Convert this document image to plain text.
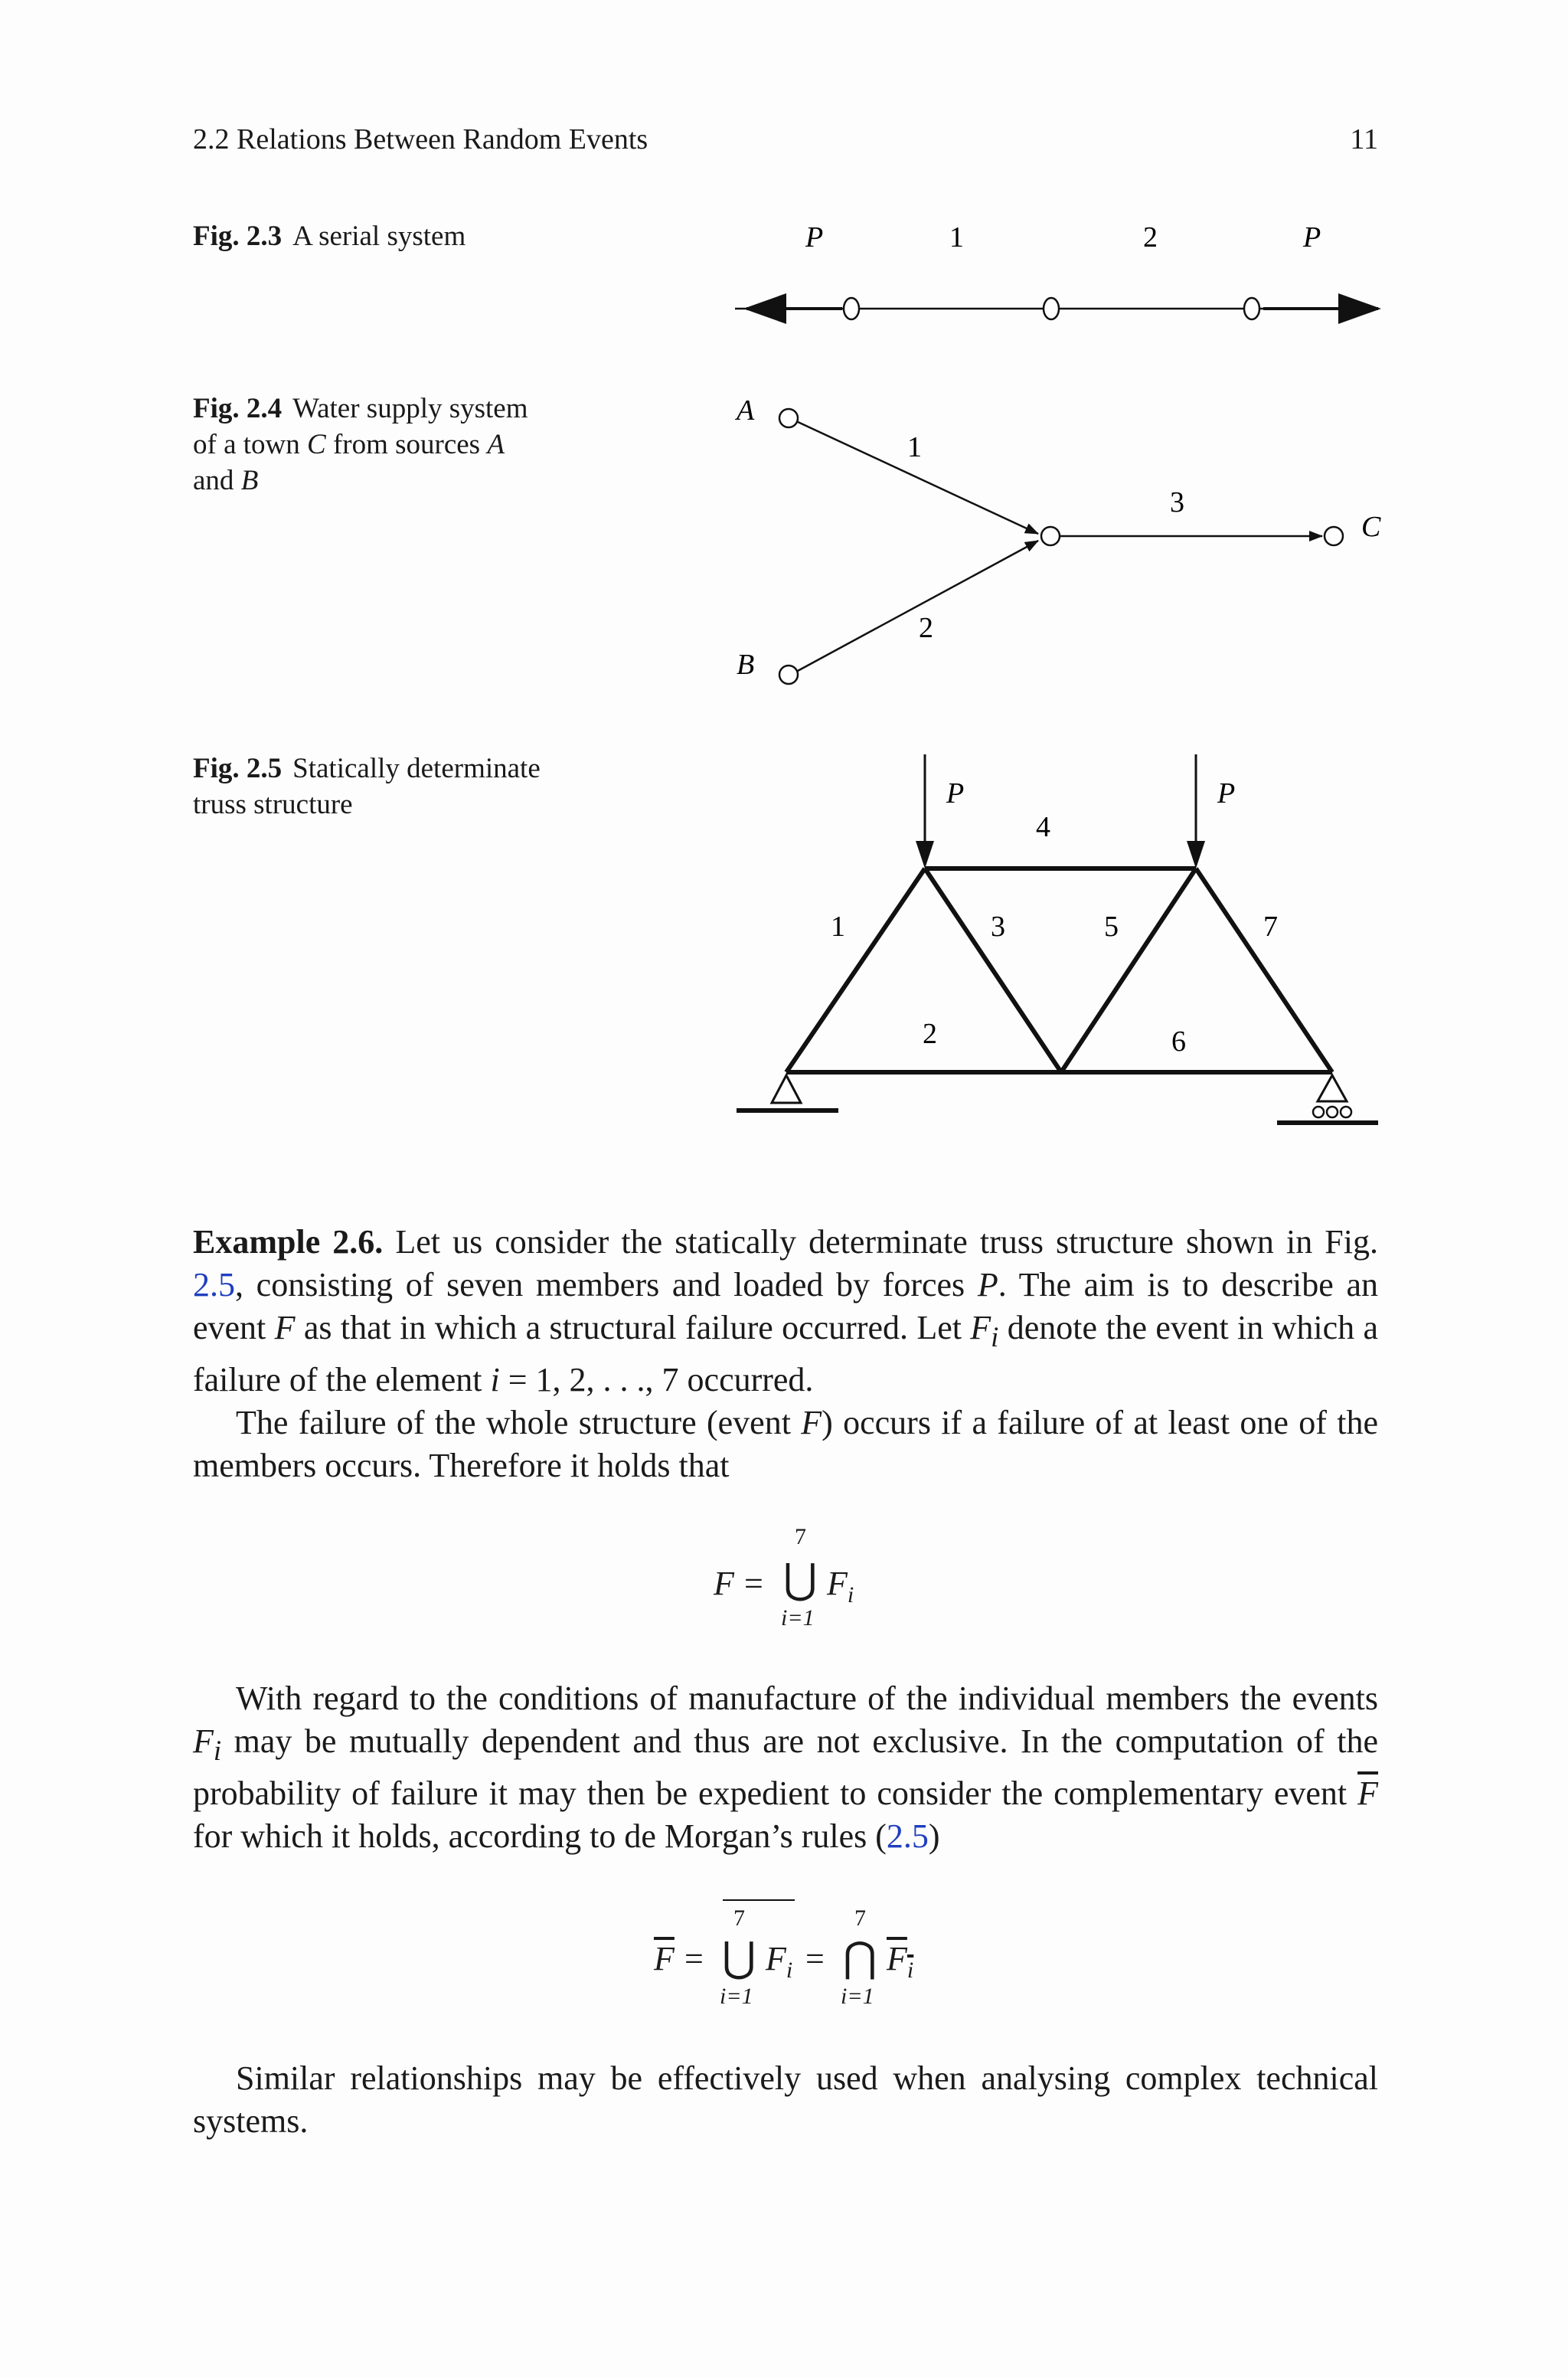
2.2 Relations Between Random Events	11
Fig. 2.3 A serial system
Fig. 2.4 Water supply system of a town C from sources A and B
Fig. 2.5 Statically determinate truss structure
P	1	2	P
A
B
C
1
2
3
P	P
1
2
3
4
5
6
7

Example 2.6. Let us consider the statically determinate truss structure shown in Fig. 2.5, consisting of seven members and loaded by forces P. The aim is to describe an event F as that in which a structural failure occurred. Let $F_i$ denote the event in which a failure of the element i = 1, 2, . . ., 7 occurred.

The failure of the whole structure (event F) occurs if a failure of at least one of the members occurs. Therefore it holds that

F =
7
⋃
i=1
$F_i$

With regard to the conditions of manufacture of the individual members the events $F_i$ may be mutually dependent and thus are not exclusive. In the computation of the probability of failure it may then be expedient to consider the complementary event $\overline{F}$ for which it holds, according to de Morgan’s rules (2.5)

$\overline{F}$ =
7
⋃
i=1
$F_i$ =
7
⋂
i=1
$F_i$

Similar relationships may be effectively used when analysing complex technical systems.
